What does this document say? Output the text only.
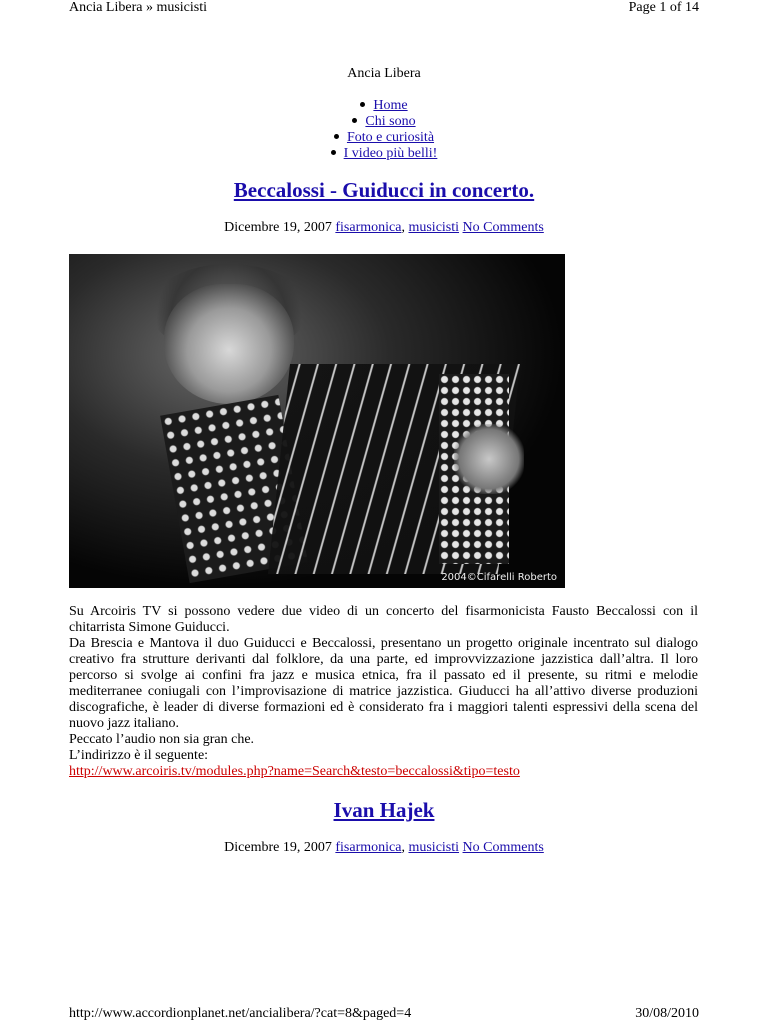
Ancia Libera » musicisti	Page 1 of 14
Ancia Libera
Home
Chi sono
Foto e curiosità
I video più belli!
Beccalossi - Guiducci in concerto.
Dicembre 19, 2007 fisarmonica, musicisti No Comments
2004©Cifarelli Roberto

Su Arcoiris TV si possono vedere due video di un concerto del fisarmonicista Fausto Beccalossi con il chitarrista Simone Guiducci.

Da Brescia e Mantova il duo Guiducci e Beccalossi, presentano un progetto originale incentrato sul dialogo creativo fra strutture derivanti dal folklore, da una parte, ed improvvizzazione jazzistica dall’altra. Il loro percorso si svolge ai confini fra jazz e musica etnica, fra il passato ed il presente, su ritmi e melodie mediterranee coniugali con l’improvisazione di matrice jazzistica. Giuducci ha all’attivo diverse produzioni discografiche, è leader di diverse formazioni ed è considerato fra i maggiori talenti espressivi della scena del nuovo jazz italiano.

Peccato l’audio non sia gran che.

L’indirizzo è il seguente:

http://www.arcoiris.tv/modules.php?name=Search&testo=beccalossi&tipo=testo

Ivan Hajek
Dicembre 19, 2007 fisarmonica, musicisti No Comments
http://www.accordionplanet.net/ancialibera/?cat=8&paged=4	30/08/2010
